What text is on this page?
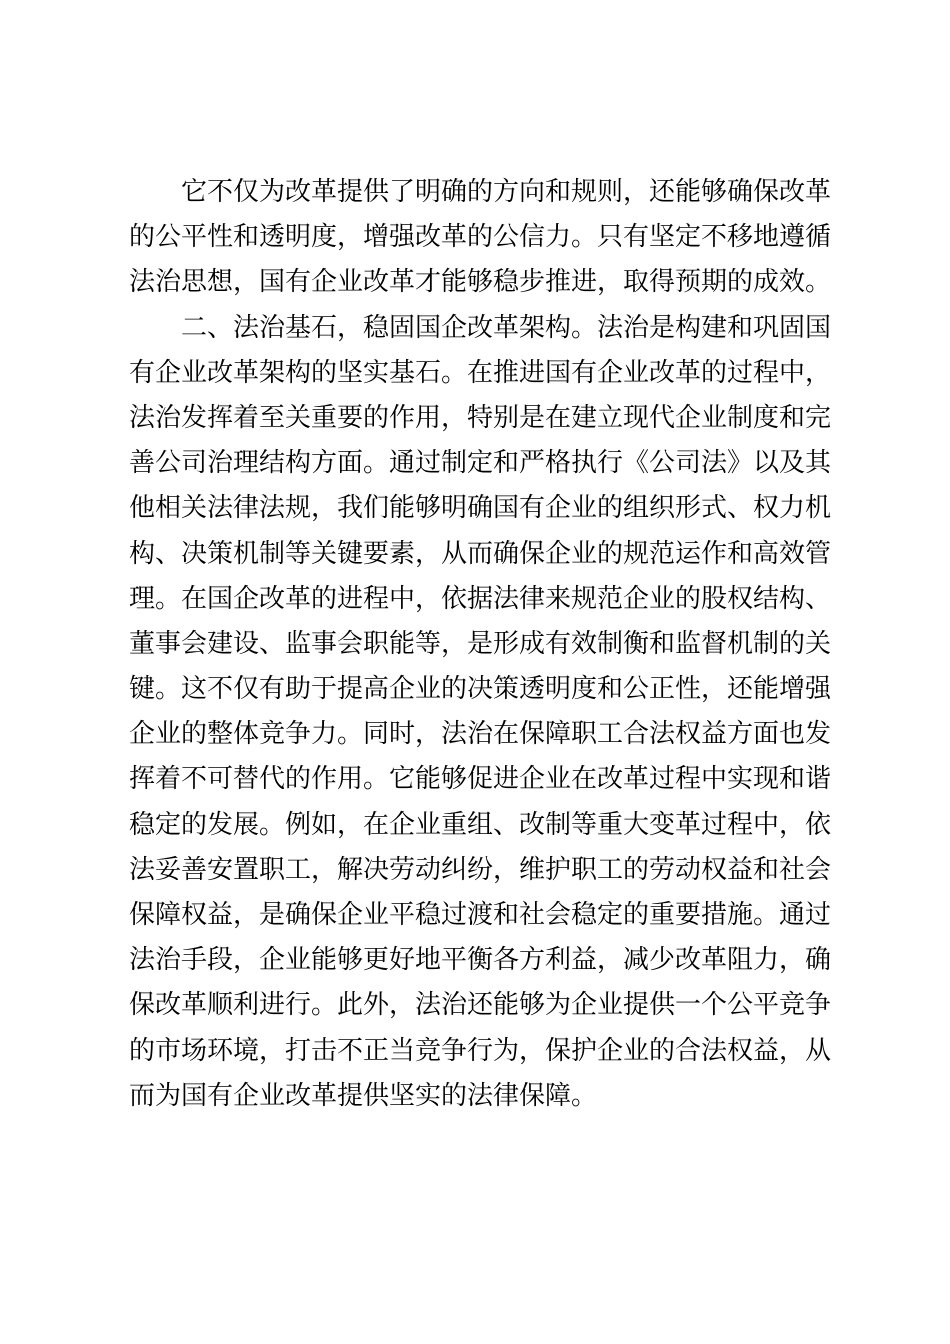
它不仅为改革提供了明确的方向和规则，还能够确保改革
的公平性和透明度，增强改革的公信力。只有坚定不移地遵循
法治思想，国有企业改革才能够稳步推进，取得预期的成效。
二、法治基石，稳固国企改革架构。法治是构建和巩固国
有企业改革架构的坚实基石。在推进国有企业改革的过程中，
法治发挥着至关重要的作用，特别是在建立现代企业制度和完
善公司治理结构方面。通过制定和严格执行《公司法》以及其
他相关法律法规，我们能够明确国有企业的组织形式、权力机
构、决策机制等关键要素，从而确保企业的规范运作和高效管
理。在国企改革的进程中，依据法律来规范企业的股权结构、
董事会建设、监事会职能等，是形成有效制衡和监督机制的关
键。这不仅有助于提高企业的决策透明度和公正性，还能增强
企业的整体竞争力。同时，法治在保障职工合法权益方面也发
挥着不可替代的作用。它能够促进企业在改革过程中实现和谐
稳定的发展。例如，在企业重组、改制等重大变革过程中，依
法妥善安置职工，解决劳动纠纷，维护职工的劳动权益和社会
保障权益，是确保企业平稳过渡和社会稳定的重要措施。通过
法治手段，企业能够更好地平衡各方利益，减少改革阻力，确
保改革顺利进行。此外，法治还能够为企业提供一个公平竞争
的市场环境，打击不正当竞争行为，保护企业的合法权益，从
而为国有企业改革提供坚实的法律保障。
